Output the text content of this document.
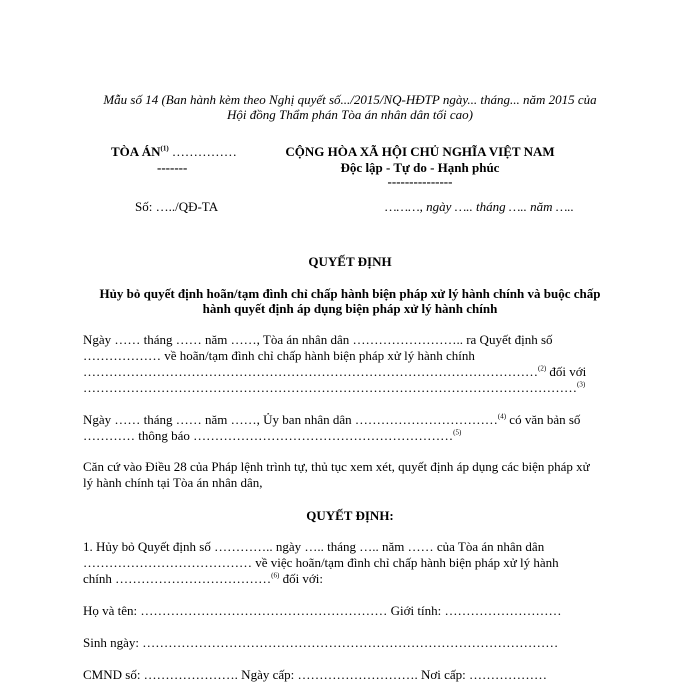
Mẫu số 14 (Ban hành kèm theo Nghị quyết số.../2015/NQ-HĐTP ngày... tháng... năm 2015 của
Hội đồng Thẩm phán Tòa án nhân dân tối cao)
TÒA ÁN$^{(1)}$ ……………
-------
Số: …../QĐ-TA
CỘNG HÒA XÃ HỘI CHỦ NGHĨA VIỆT NAM
Độc lập - Tự do - Hạnh phúc
---------------
………, ngày ….. tháng ….. năm …..
QUYẾT ĐỊNH
Hủy bỏ quyết định hoãn/tạm đình chỉ chấp hành biện pháp xử lý hành chính và buộc chấp
hành quyết định áp dụng biện pháp xử lý hành chính
Ngày …… tháng …… năm ……, Tòa án nhân dân …………………….. ra Quyết định số
……………… về hoãn/tạm đình chỉ chấp hành biện pháp xử lý hành chính
……………………………………………………………………………………………$^{(2)}$ đối với
……………………………………………………………………………………………………$^{(3)}$
Ngày …… tháng …… năm ……, Ủy ban nhân dân ……………………………$^{(4)}$ có văn bản số
………… thông báo ……………………………………………………$^{(5)}$
Căn cứ vào Điều 28 của Pháp lệnh trình tự, thủ tục xem xét, quyết định áp dụng các biện pháp xử
lý hành chính tại Tòa án nhân dân,
QUYẾT ĐỊNH:
1. Hủy bỏ Quyết định số ………….. ngày ….. tháng ….. năm …… của Tòa án nhân dân
………………………………… về việc hoãn/tạm đình chỉ chấp hành biện pháp xử lý hành
chính ………………………………$^{(6)}$ đối với:
Họ và tên: ………………………………………………… Giới tính: ………………………
Sinh ngày: ……………………………………………………………………………………
CMND số: …………………. Ngày cấp: ………………………. Nơi cấp: ………………
